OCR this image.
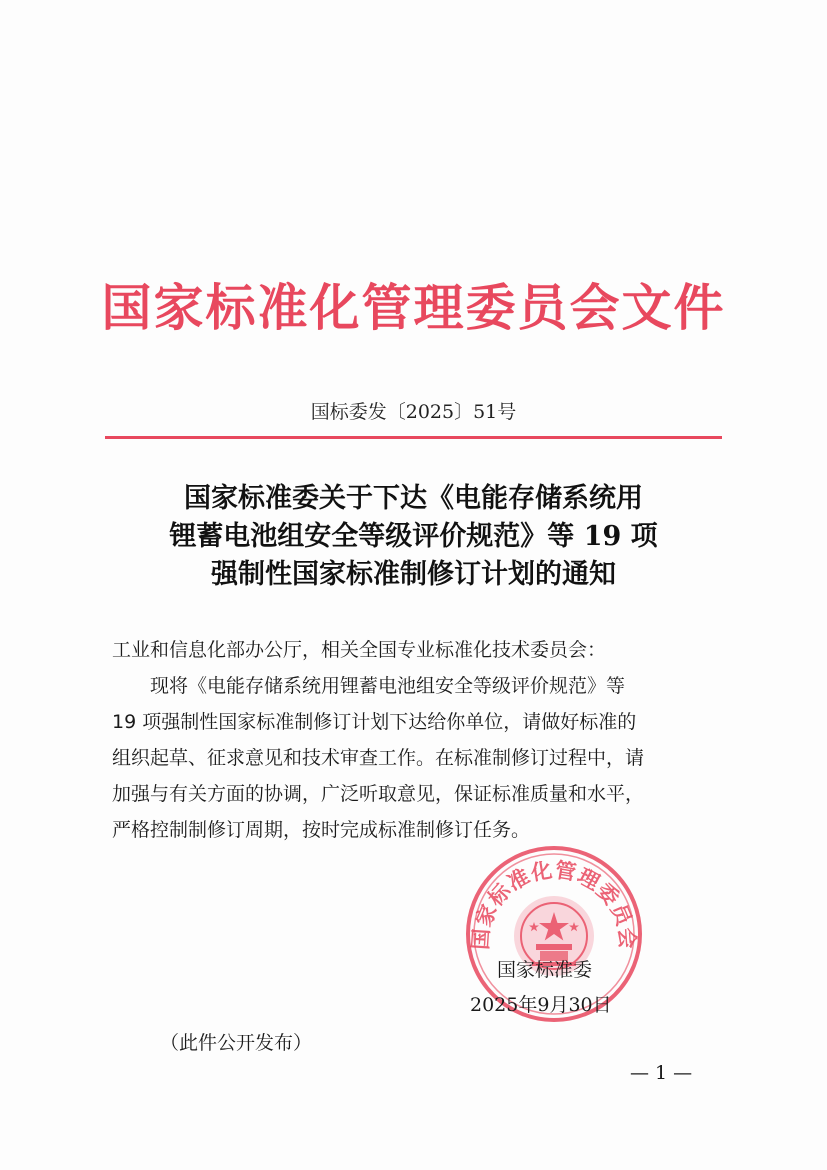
国家标准化管理委员会文件
国标委发〔2025〕51号
国家标准委关于下达《电能存储系统用
锂蓄电池组安全等级评价规范》等 19 项
强制性国家标准制修订计划的通知
工业和信息化部办公厅，相关全国专业标准化技术委员会：
现将《电能存储系统用锂蓄电池组安全等级评价规范》等
19 项强制性国家标准制修订计划下达给你单位，请做好标准的
组织起草、征求意见和技术审查工作。在标准制修订过程中，请
加强与有关方面的协调，广泛听取意见，保证标准质量和水平，
严格控制制修订周期，按时完成标准制修订任务。
国家标准化管理委员会
国家标准委
2025年9月30日
（此件公开发布）
— 1 —
